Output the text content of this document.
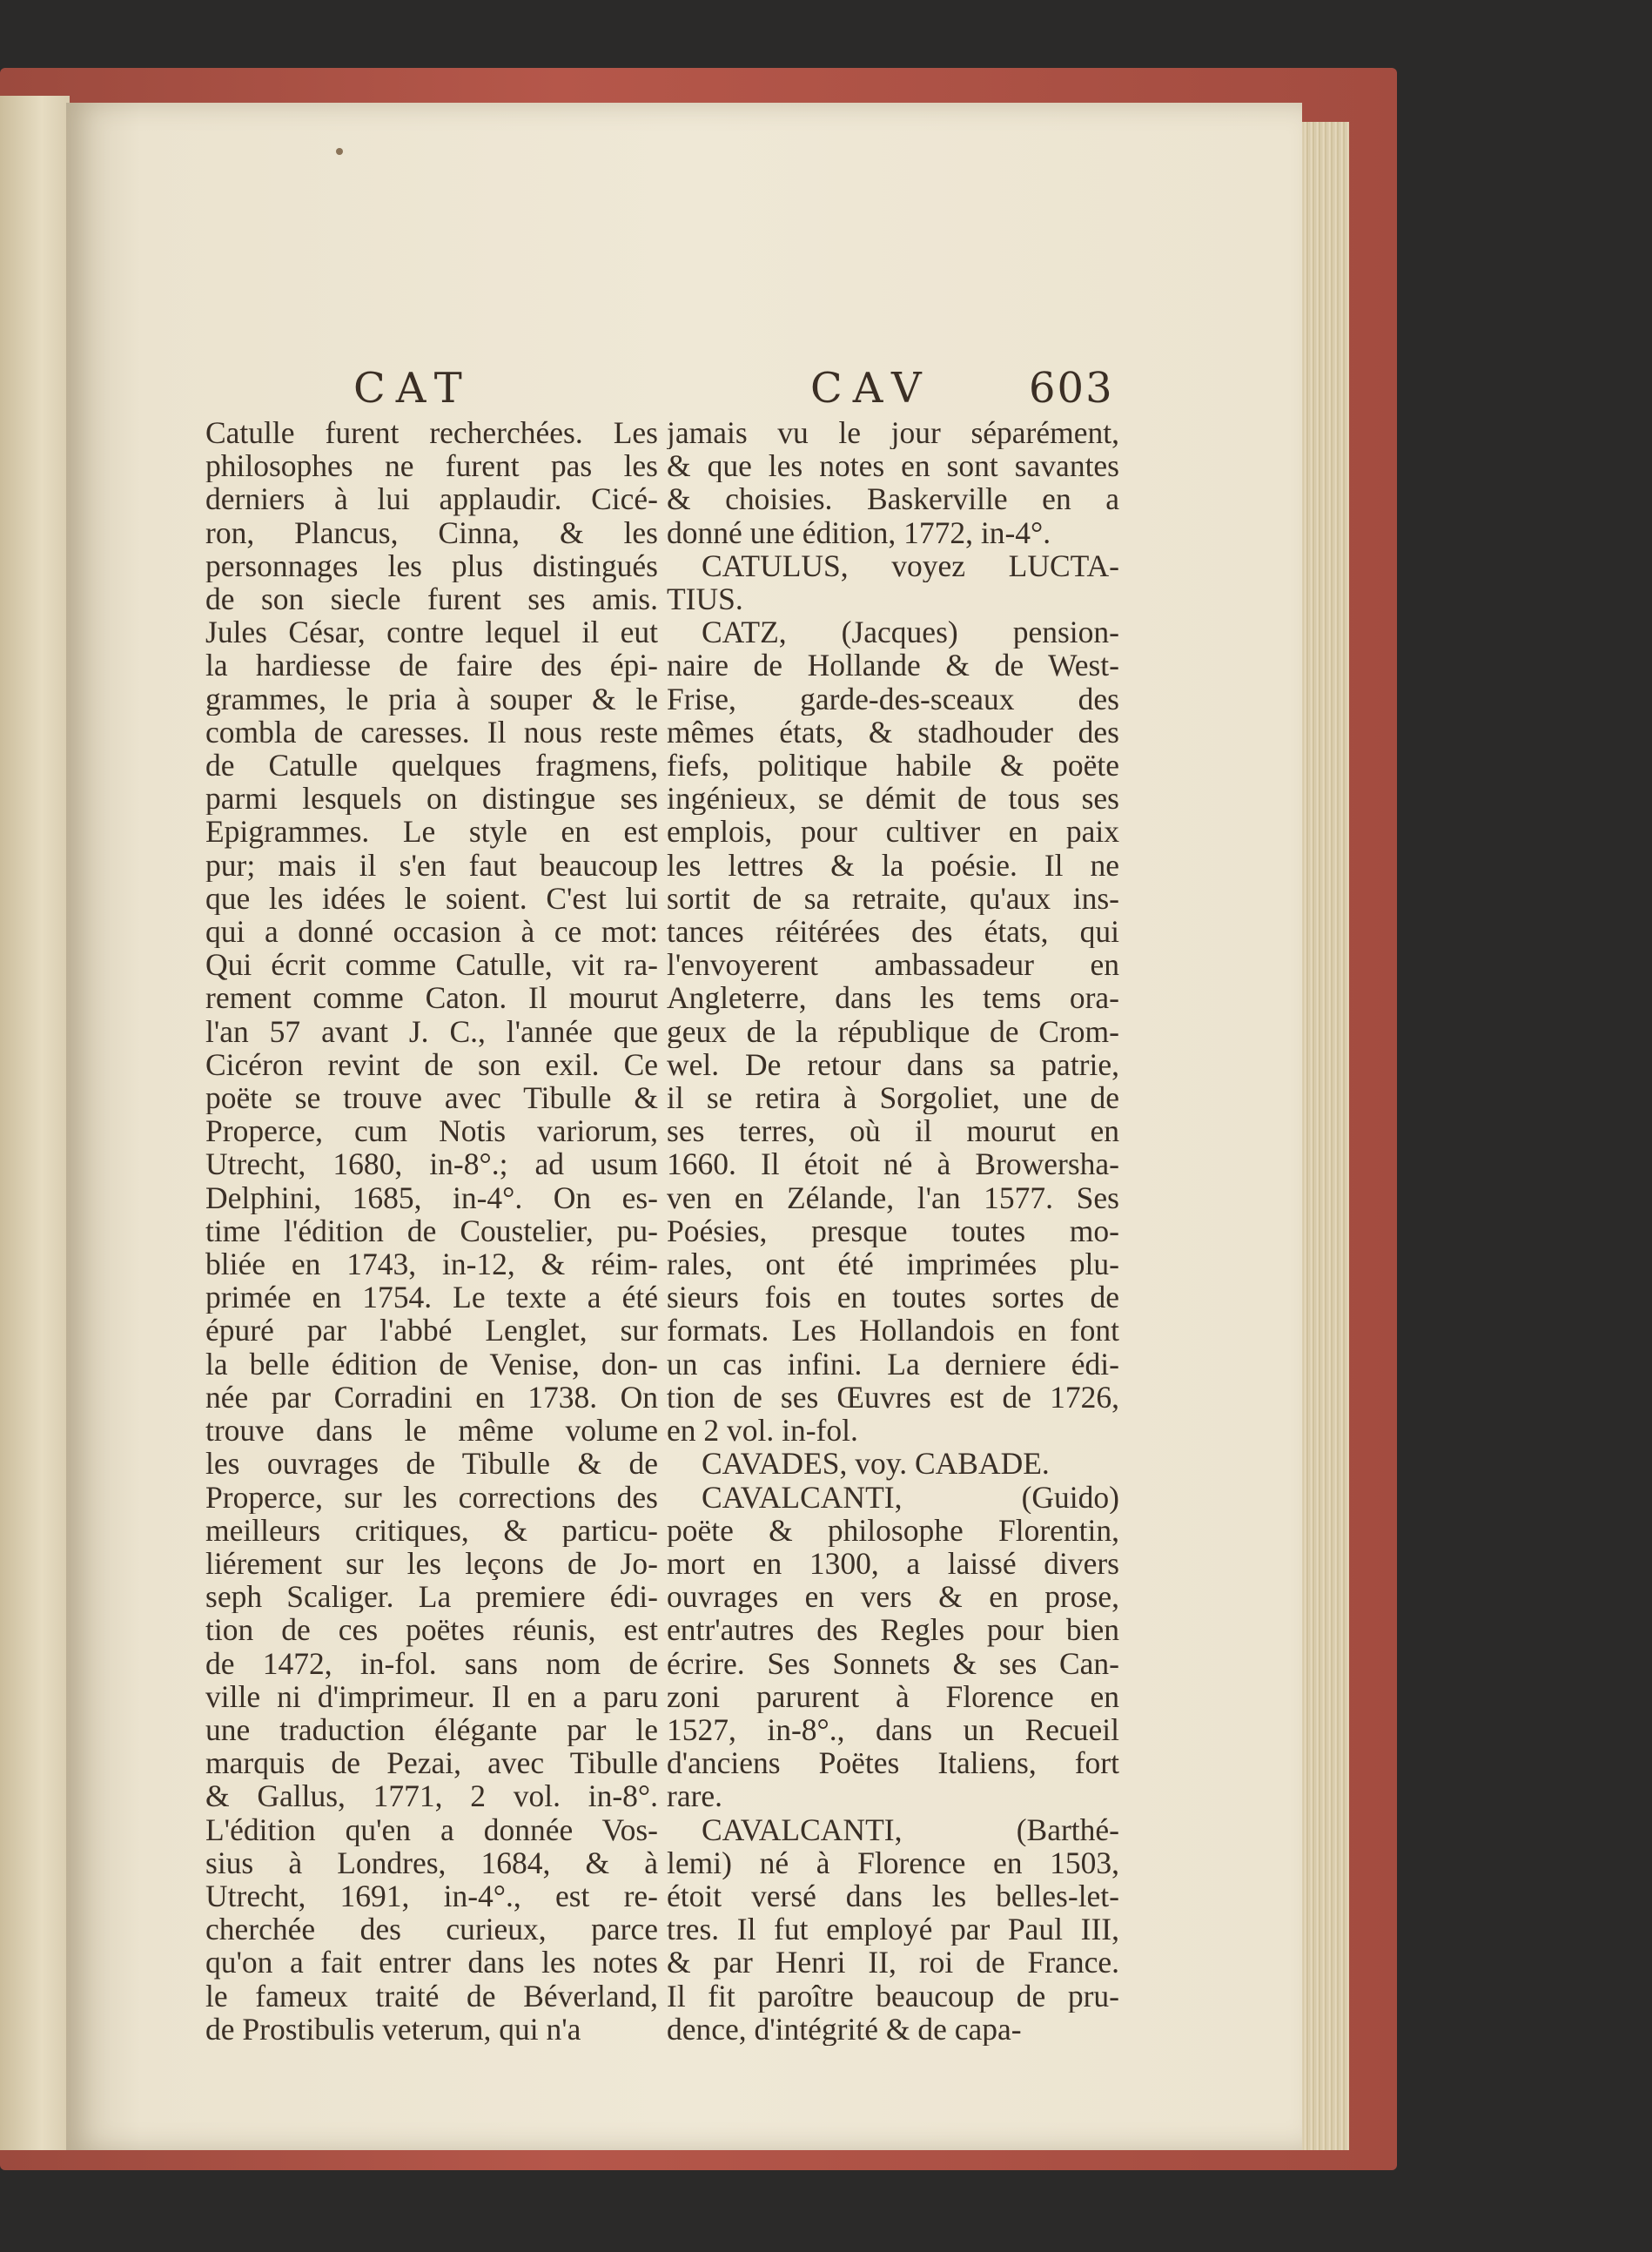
CAT	CAV 603
Catulle furent recherchées. Les
philosophes ne furent pas les
derniers à lui applaudir. Cicé-
ron, Plancus, Cinna, & les
personnages les plus distingués
de son siecle furent ses amis.
Jules César, contre lequel il eut
la hardiesse de faire des épi-
grammes, le pria à souper & le
combla de caresses. Il nous reste
de Catulle quelques fragmens,
parmi lesquels on distingue ses
Epigrammes. Le style en est
pur; mais il s'en faut beaucoup
que les idées le soient. C'est lui
qui a donné occasion à ce mot:
Qui écrit comme Catulle, vit ra-
rement comme Caton. Il mourut
l'an 57 avant J. C., l'année que
Cicéron revint de son exil. Ce
poëte se trouve avec Tibulle &
Properce, cum Notis variorum,
Utrecht, 1680, in-8°.; ad usum
Delphini, 1685, in-4°. On es-
time l'édition de Coustelier, pu-
bliée en 1743, in-12, & réim-
primée en 1754. Le texte a été
épuré par l'abbé Lenglet, sur
la belle édition de Venise, don-
née par Corradini en 1738. On
trouve dans le même volume
les ouvrages de Tibulle & de
Properce, sur les corrections des
meilleurs critiques, & particu-
liérement sur les leçons de Jo-
seph Scaliger. La premiere édi-
tion de ces poëtes réunis, est
de 1472, in-fol. sans nom de
ville ni d'imprimeur. Il en a paru
une traduction élégante par le
marquis de Pezai, avec Tibulle
& Gallus, 1771, 2 vol. in-8°.
L'édition qu'en a donnée Vos-
sius à Londres, 1684, & à
Utrecht, 1691, in-4°., est re-
cherchée des curieux, parce
qu'on a fait entrer dans les notes
le fameux traité de Béverland,
de Prostibulis veterum, qui n'a
jamais vu le jour séparément,
& que les notes en sont savantes
& choisies. Baskerville en a
donné une édition, 1772, in-4°.
CATULUS, voyez LUCTA-
TIUS.
CATZ, (Jacques) pension-
naire de Hollande & de West-
Frise, garde-des-sceaux des
mêmes états, & stadhouder des
fiefs, politique habile & poëte
ingénieux, se démit de tous ses
emplois, pour cultiver en paix
les lettres & la poésie. Il ne
sortit de sa retraite, qu'aux ins-
tances réitérées des états, qui
l'envoyerent ambassadeur en
Angleterre, dans les tems ora-
geux de la république de Crom-
wel. De retour dans sa patrie,
il se retira à Sorgoliet, une de
ses terres, où il mourut en
1660. Il étoit né à Browersha-
ven en Zélande, l'an 1577. Ses
Poésies, presque toutes mo-
rales, ont été imprimées plu-
sieurs fois en toutes sortes de
formats. Les Hollandois en font
un cas infini. La derniere édi-
tion de ses Œuvres est de 1726,
en 2 vol. in-fol.
CAVADES, voy. CABADE.
CAVALCANTI, (Guido)
poëte & philosophe Florentin,
mort en 1300, a laissé divers
ouvrages en vers & en prose,
entr'autres des Regles pour bien
écrire. Ses Sonnets & ses Can-
zoni parurent à Florence en
1527, in-8°., dans un Recueil
d'anciens Poëtes Italiens, fort
rare.
CAVALCANTI, (Barthé-
lemi) né à Florence en 1503,
étoit versé dans les belles-let-
tres. Il fut employé par Paul III,
& par Henri II, roi de France.
Il fit paroître beaucoup de pru-
dence, d'intégrité & de capa-
